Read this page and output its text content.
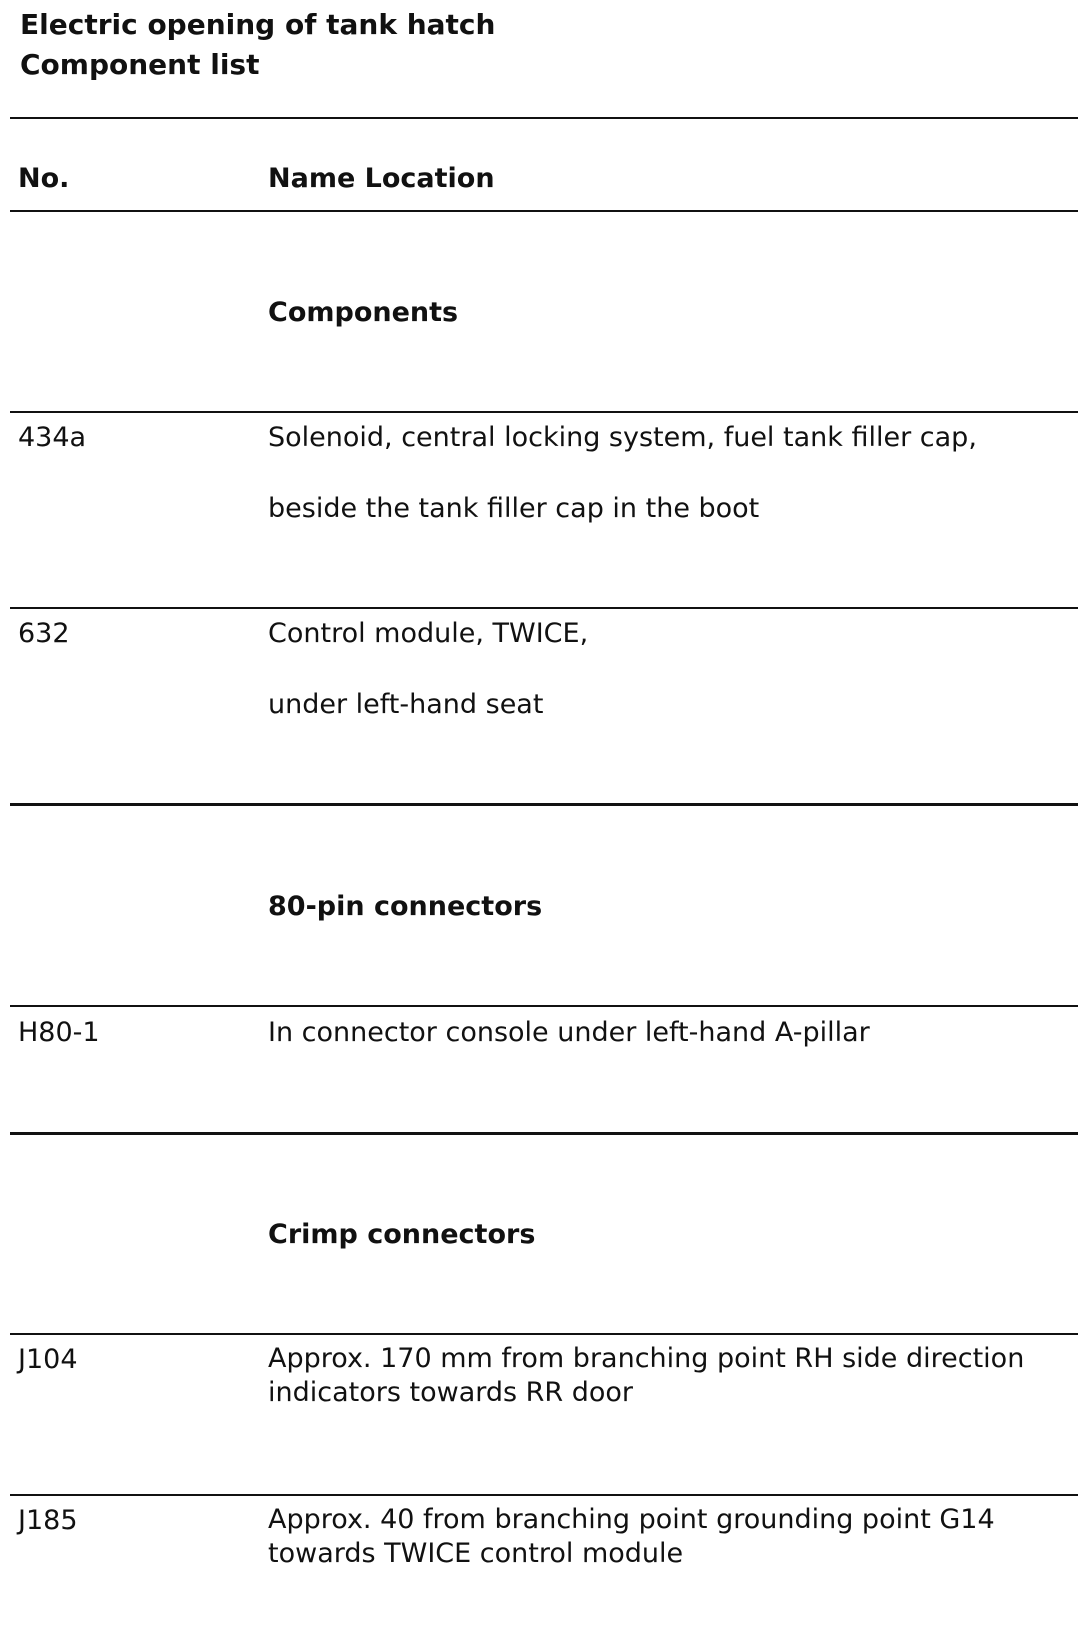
Electric opening of tank hatch
Component list
No.	Name Location
Components
434a	Solenoid, central locking system, fuel tank filler cap,
beside the tank filler cap in the boot
632	Control module, TWICE,
under left-hand seat
80-pin connectors
H80-1	In connector console under left-hand A-pillar
Crimp connectors
J104	Approx. 170 mm from branching point RH side direction indicators towards RR door
J185	Approx. 40 from branching point grounding point G14 towards TWICE control module
